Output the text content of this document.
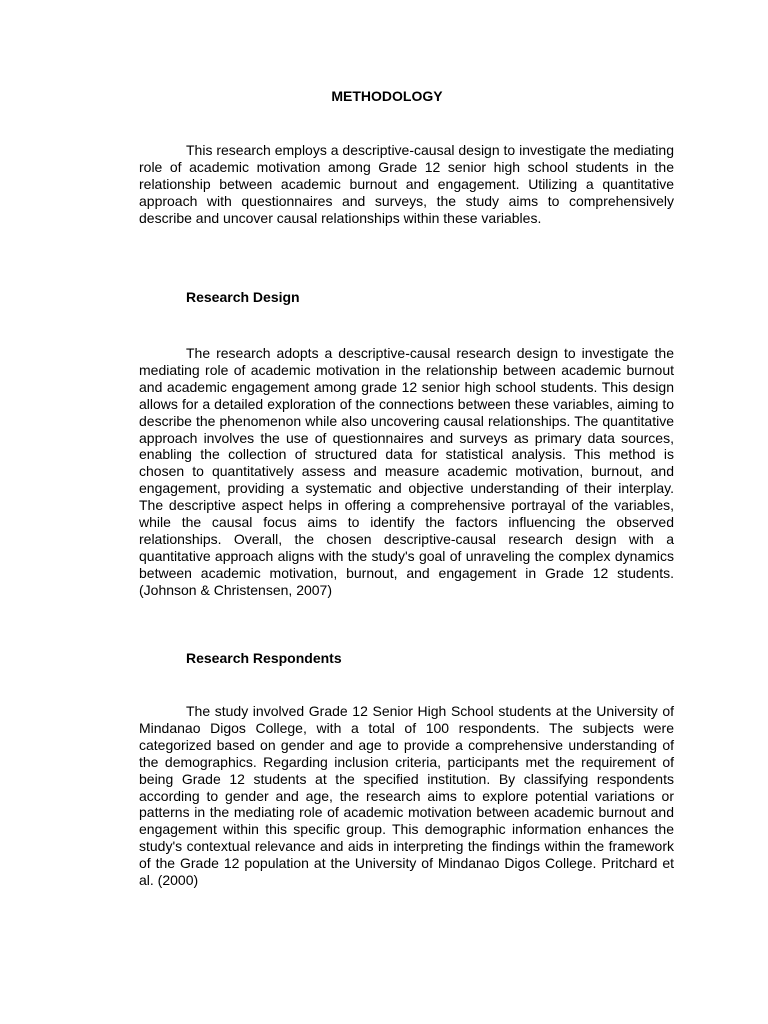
METHODOLOGY

This research employs a descriptive-causal design to investigate the mediating role of academic motivation among Grade 12 senior high school students in the relationship between academic burnout and engagement. Utilizing a quantitative approach with questionnaires and surveys, the study aims to comprehensively describe and uncover causal relationships within these variables.

Research Design

The research adopts a descriptive-causal research design to investigate the mediating role of academic motivation in the relationship between academic burnout and academic engagement among grade 12 senior high school students. This design allows for a detailed exploration of the connections between these variables, aiming to describe the phenomenon while also uncovering causal relationships. The quantitative approach involves the use of questionnaires and surveys as primary data sources, enabling the collection of structured data for statistical analysis. This method is chosen to quantitatively assess and measure academic motivation, burnout, and engagement, providing a systematic and objective understanding of their interplay. The descriptive aspect helps in offering a comprehensive portrayal of the variables, while the causal focus aims to identify the factors influencing the observed relationships. Overall, the chosen descriptive-causal research design with a quantitative approach aligns with the study's goal of unraveling the complex dynamics between academic motivation, burnout, and engagement in Grade 12 students. (Johnson & Christensen, 2007)

Research Respondents

The study involved Grade 12 Senior High School students at the University of Mindanao Digos College, with a total of 100 respondents. The subjects were categorized based on gender and age to provide a comprehensive understanding of the demographics. Regarding inclusion criteria, participants met the requirement of being Grade 12 students at the specified institution. By classifying respondents according to gender and age, the research aims to explore potential variations or patterns in the mediating role of academic motivation between academic burnout and engagement within this specific group. This demographic information enhances the study's contextual relevance and aids in interpreting the findings within the framework of the Grade 12 population at the University of Mindanao Digos College. Pritchard et al. (2000)
